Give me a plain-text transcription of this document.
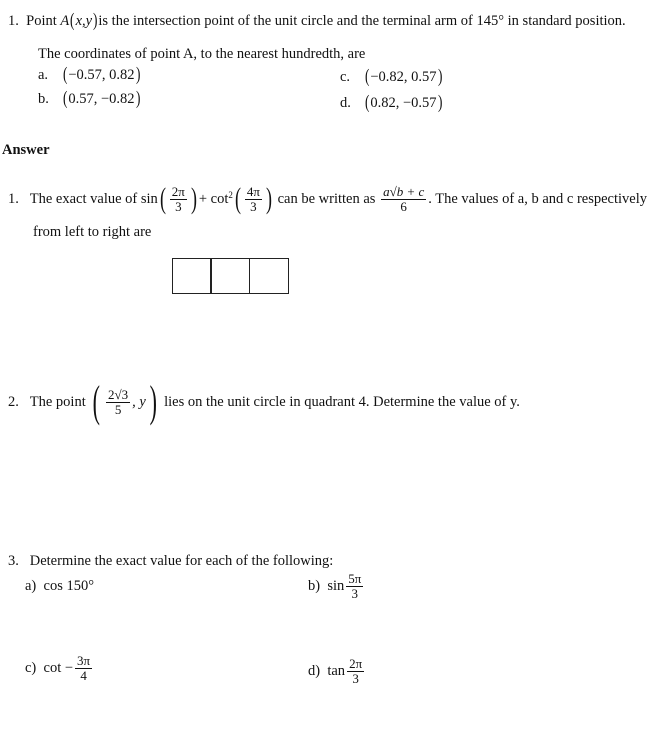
1.
Point
A ( x,y ) is the intersection point of the unit circle and the terminal arm of 145° in standard position.
The coordinates of point A, to the nearest hundredth, are
a. ( −0.57, 0.82 )
b. ( 0.57, −0.82 )
c. ( −0.82, 0.57 )
d. ( 0.82, −0.57 )
Answer
1.
The exact value of sin ( $\frac{2\pi}{3}$ ) + $\cot^2$ ( $\frac{4\pi}{3}$ )
can be written as
$\frac{a√b + c}{6}$ . The values of a, b and c respectively
from left to right are
2.
The point
( $\frac{2√3}{5}$ , y )
lies on the unit circle in quadrant 4. Determine the value of y.
3.
Determine the exact value for each of the following:
a)
cos 150°	b)
$\sin \frac{5\pi}{3}$
c)
$\cot - \frac{3\pi}{4}$	d)
$\tan \frac{2\pi}{3}$
